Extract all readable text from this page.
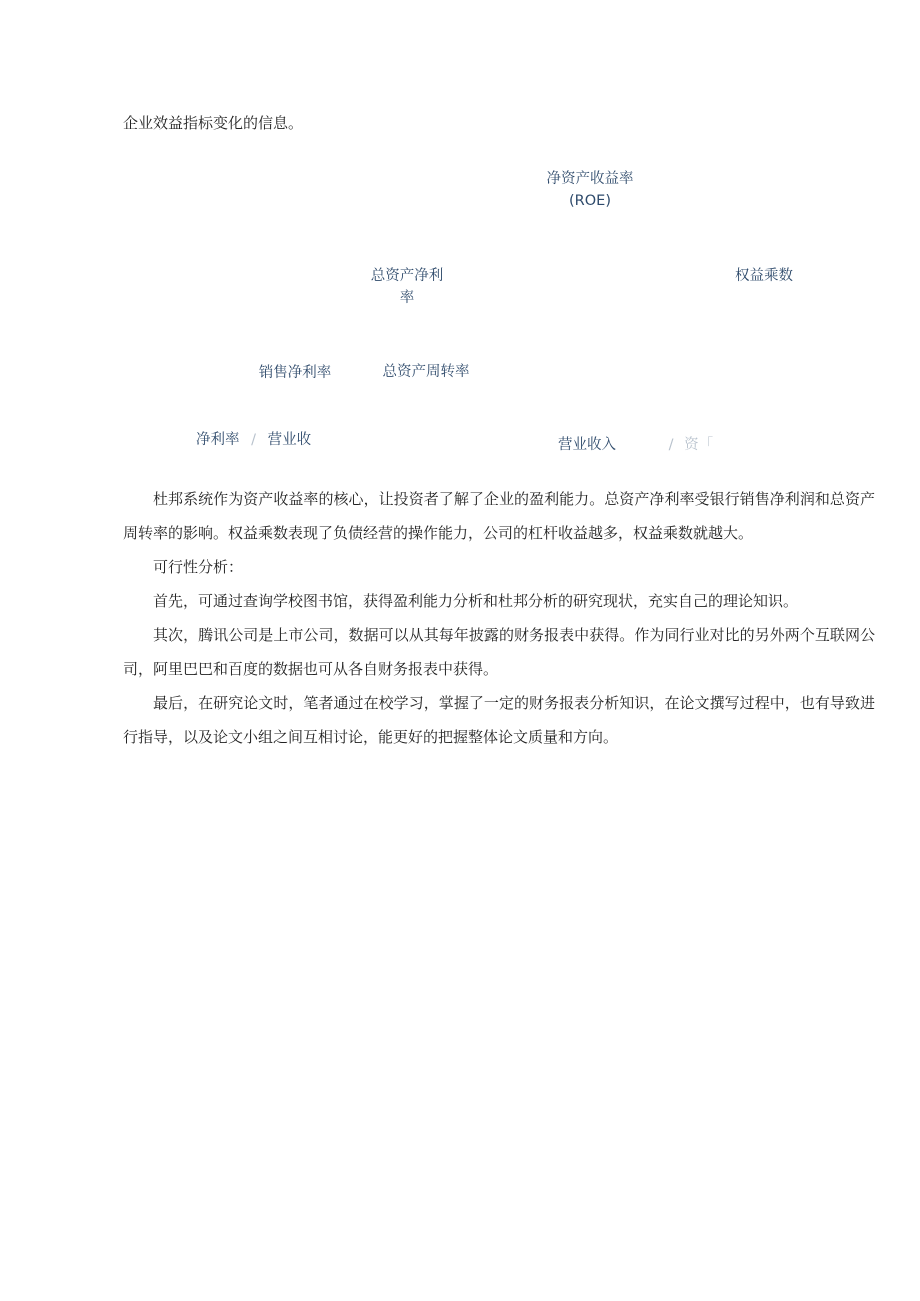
企业效益指标变化的信息。
净资产收益率
(ROE)
总资产净利
率
权益乘数
销售净利率	总资产周转率
净利率 / 营业收	营业收入	/ 资「

杜邦系统作为资产收益率的核心，让投资者了解了企业的盈利能力。总资产净利率受银行销售净利润和总资产周转率的影响。权益乘数表现了负债经营的操作能力，公司的杠杆收益越多，权益乘数就越大。

可行性分析：

首先，可通过查询学校图书馆，获得盈利能力分析和杜邦分析的研究现状，充实自己的理论知识。

其次，腾讯公司是上市公司，数据可以从其每年披露的财务报表中获得。作为同行业对比的另外两个互联网公司，阿里巴巴和百度的数据也可从各自财务报表中获得。

最后，在研究论文时，笔者通过在校学习，掌握了一定的财务报表分析知识，在论文撰写过程中，也有导致进行指导，以及论文小组之间互相讨论，能更好的把握整体论文质量和方向。
